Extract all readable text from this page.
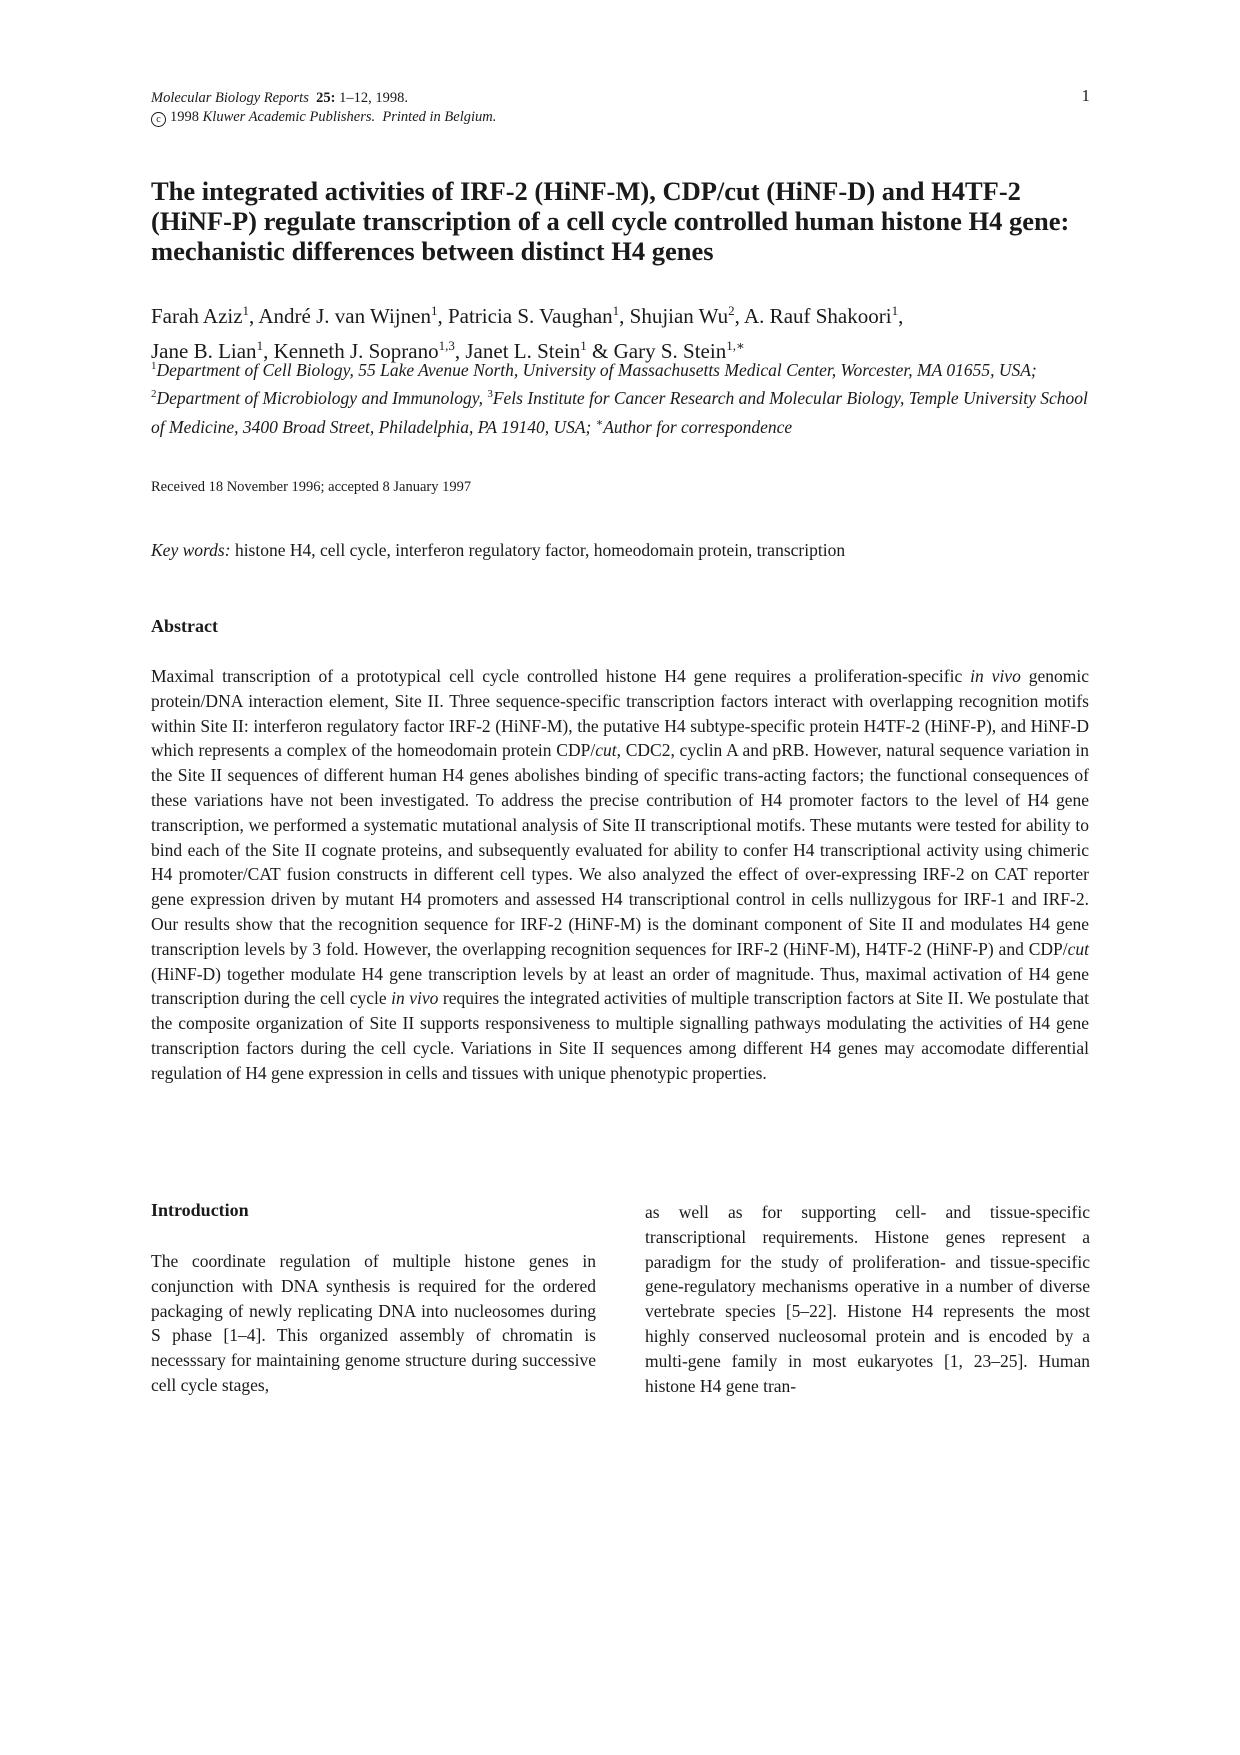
Molecular Biology Reports 25: 1–12, 1998.
c 1998 Kluwer Academic Publishers. Printed in Belgium.
1
The integrated activities of IRF-2 (HiNF-M), CDP/cut (HiNF-D) and H4TF-2 (HiNF-P) regulate transcription of a cell cycle controlled human histone H4 gene: mechanistic differences between distinct H4 genes
Farah Aziz$^1$, André J. van Wijnen$^1$, Patricia S. Vaughan$^1$, Shujian Wu$^2$, A. Rauf Shakoori$^1$,
Jane B. Lian$^1$, Kenneth J. Soprano$^{1,3}$, Janet L. Stein$^1$ & Gary S. Stein$^{1,∗}$
$^1$Department of Cell Biology, 55 Lake Avenue North, University of Massachusetts Medical Center, Worcester, MA 01655, USA; $^2$Department of Microbiology and Immunology, $^3$Fels Institute for Cancer Research and Molecular Biology, Temple University School of Medicine, 3400 Broad Street, Philadelphia, PA 19140, USA; ∗Author for correspondence
Received 18 November 1996; accepted 8 January 1997
Key words: histone H4, cell cycle, interferon regulatory factor, homeodomain protein, transcription
Abstract
Maximal transcription of a prototypical cell cycle controlled histone H4 gene requires a proliferation-specific in vivo genomic protein/DNA interaction element, Site II. Three sequence-specific transcription factors interact with overlapping recognition motifs within Site II: interferon regulatory factor IRF-2 (HiNF-M), the putative H4 subtype-specific protein H4TF-2 (HiNF-P), and HiNF-D which represents a complex of the homeodomain protein CDP/cut, CDC2, cyclin A and pRB. However, natural sequence variation in the Site II sequences of different human H4 genes abolishes binding of specific trans-acting factors; the functional consequences of these variations have not been investigated. To address the precise contribution of H4 promoter factors to the level of H4 gene transcription, we performed a systematic mutational analysis of Site II transcriptional motifs. These mutants were tested for ability to bind each of the Site II cognate proteins, and subsequently evaluated for ability to confer H4 transcriptional activity using chimeric H4 promoter/CAT fusion constructs in different cell types. We also analyzed the effect of over-expressing IRF-2 on CAT reporter gene expression driven by mutant H4 promoters and assessed H4 transcriptional control in cells nullizygous for IRF-1 and IRF-2. Our results show that the recognition sequence for IRF-2 (HiNF-M) is the dominant component of Site II and modulates H4 gene transcription levels by 3 fold. However, the overlapping recognition sequences for IRF-2 (HiNF-M), H4TF-2 (HiNF-P) and CDP/cut (HiNF-D) together modulate H4 gene transcription levels by at least an order of magnitude. Thus, maximal activation of H4 gene transcription during the cell cycle in vivo requires the integrated activities of multiple transcription factors at Site II. We postulate that the composite organization of Site II supports responsiveness to multiple signalling pathways modulating the activities of H4 gene transcription factors during the cell cycle. Variations in Site II sequences among different H4 genes may accomodate differential regulation of H4 gene expression in cells and tissues with unique phenotypic properties.
Introduction
The coordinate regulation of multiple histone genes in conjunction with DNA synthesis is required for the ordered packaging of newly replicating DNA into nucleosomes during S phase [1–4]. This organized assembly of chromatin is necesssary for maintaining genome structure during successive cell cycle stages,
as well as for supporting cell- and tissue-specific transcriptional requirements. Histone genes represent a paradigm for the study of proliferation- and tissue-specific gene-regulatory mechanisms operative in a number of diverse vertebrate species [5–22]. Histone H4 represents the most highly conserved nucleosomal protein and is encoded by a multi-gene family in most eukaryotes [1, 23–25]. Human histone H4 gene tran-
